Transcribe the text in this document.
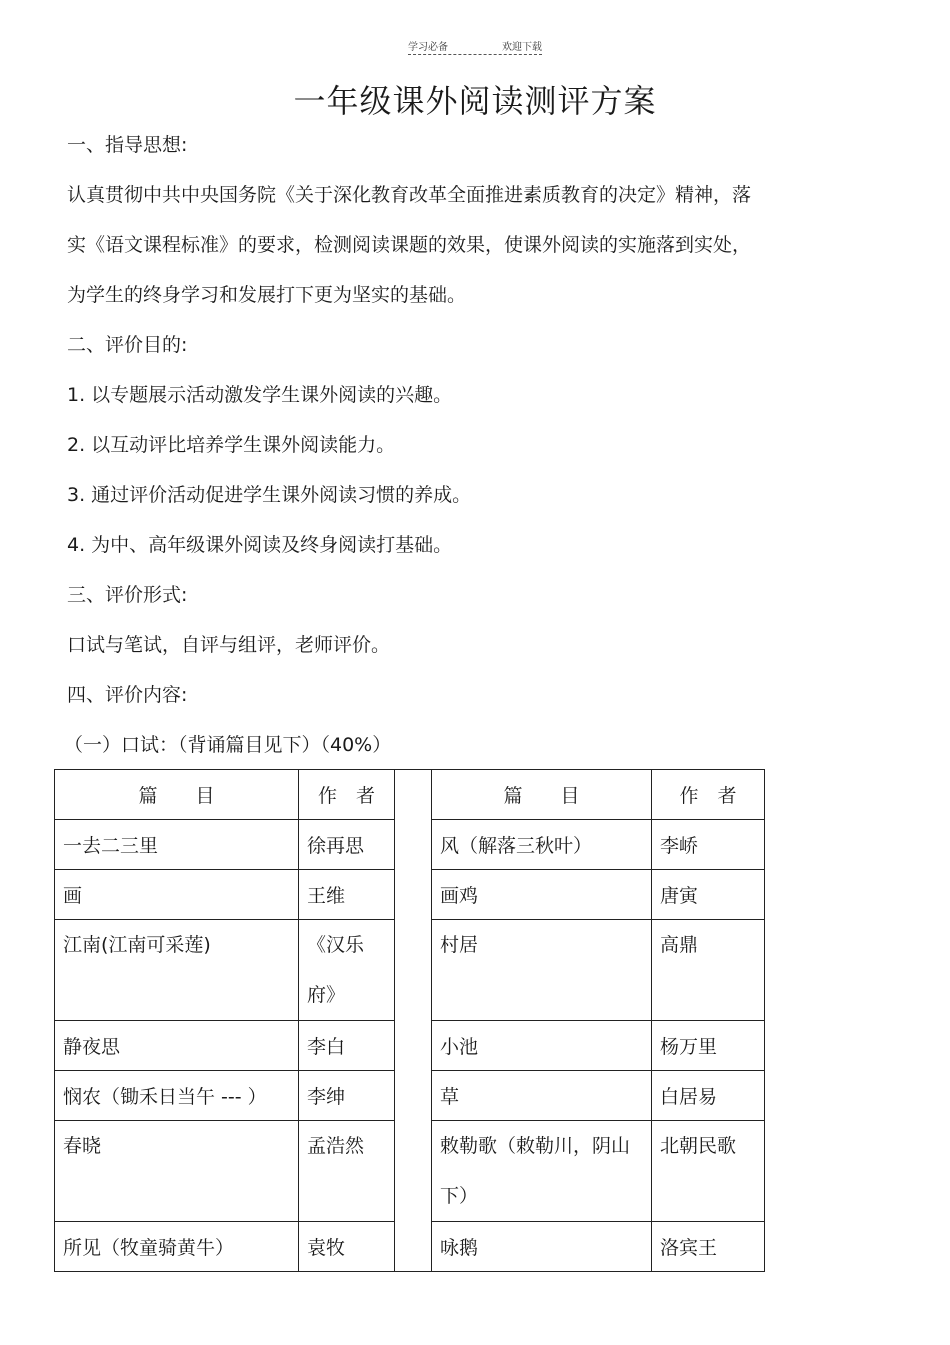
学习必备	欢迎下载
一年级课外阅读测评方案
一、指导思想:
认真贯彻中共中央国务院《关于深化教育改革全面推进素质教育的决定》精神，落
实《语文课程标准》的要求，检测阅读课题的效果，使课外阅读的实施落到实处，
为学生的终身学习和发展打下更为坚实的基础。
二、评价目的:
1. 以专题展示活动激发学生课外阅读的兴趣。
2. 以互动评比培养学生课外阅读能力。
3. 通过评价活动促进学生课外阅读习惯的养成。
4. 为中、高年级课外阅读及终身阅读打基础。
三、评价形式:
口试与笔试，自评与组评，老师评价。
四、评价内容:
（一）口试：（背诵篇目见下）（40%）
篇　　目	作　者		篇　　目	作　者
一去二三里	徐再思		风（解落三秋叶）	李峤
画	王维		画鸡	唐寅
江南(江南可采莲)	《汉乐府》		村居	高鼎
静夜思	李白		小池	杨万里
悯农（锄禾日当午 --- ）	李绅		草	白居易
春晓	孟浩然		敕勒歌（敕勒川，阴山下）	北朝民歌
所见（牧童骑黄牛）	袁牧		咏鹅	洛宾王
